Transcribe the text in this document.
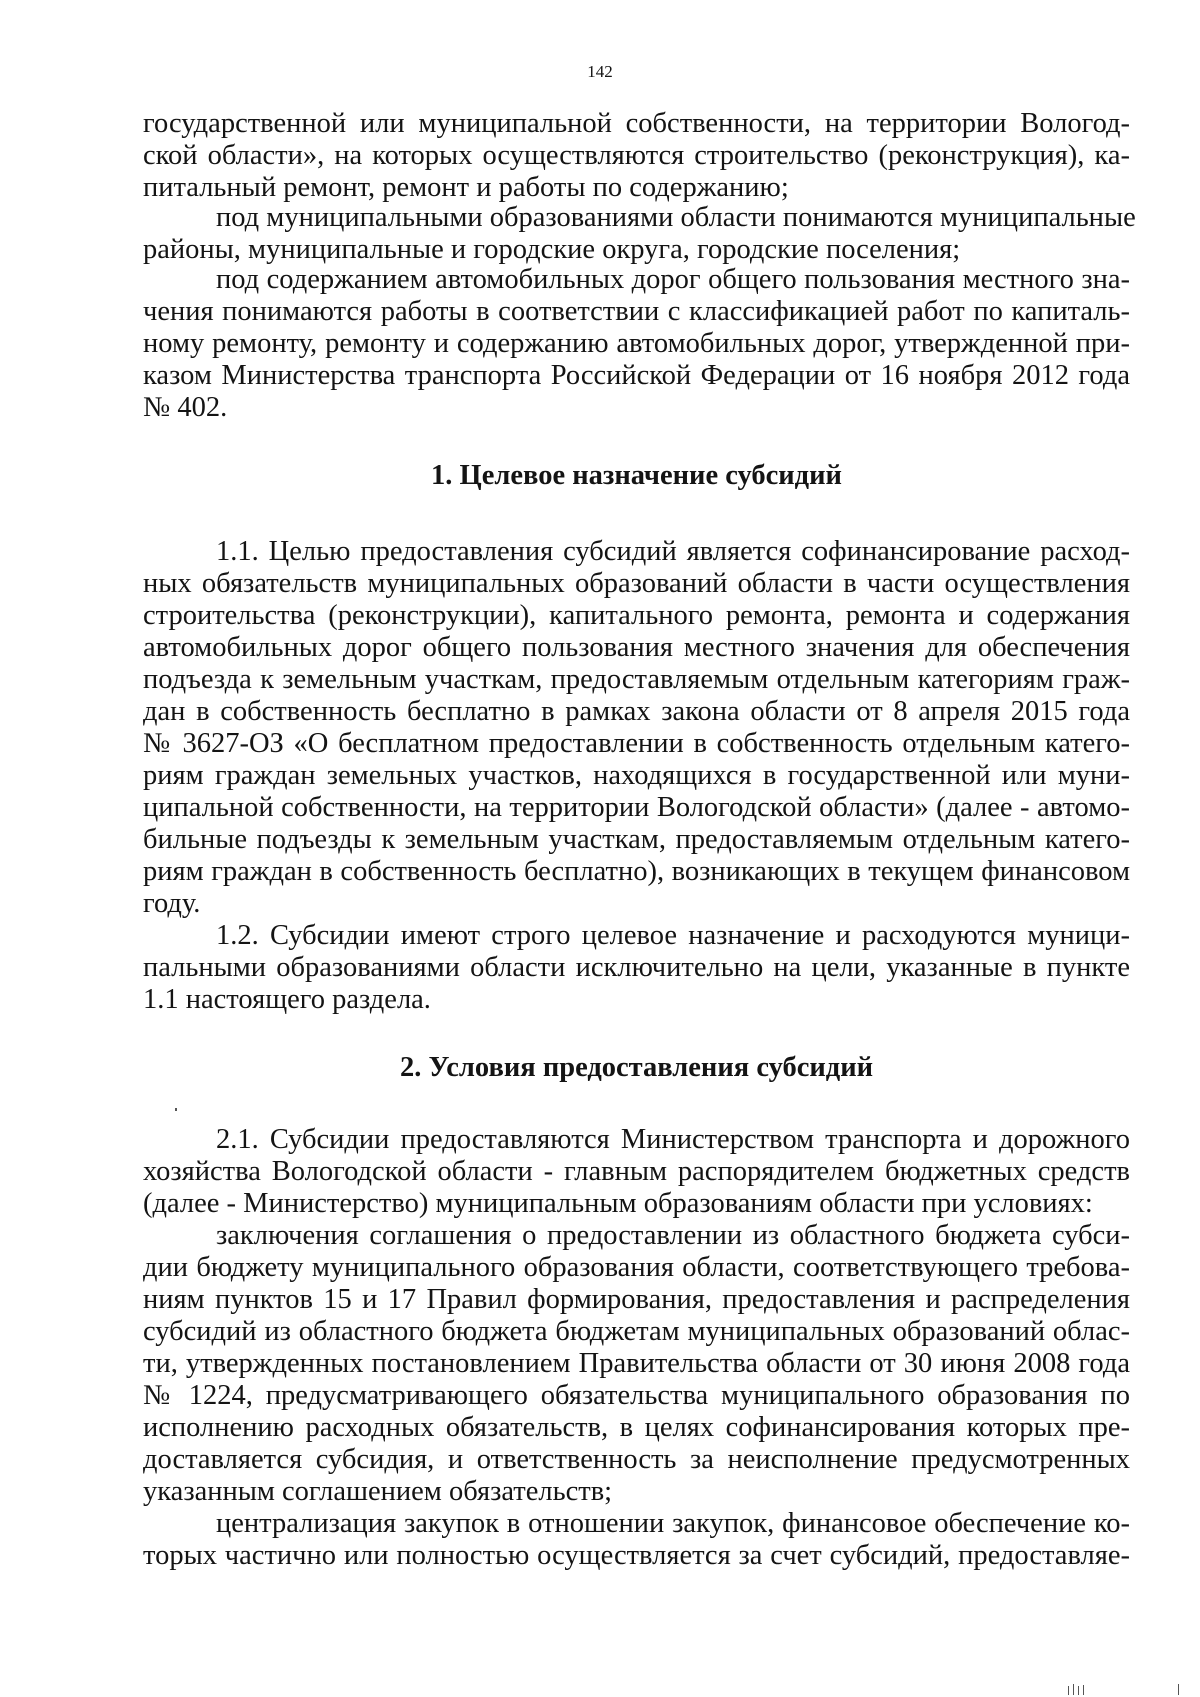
142
государственной или муниципальной собственности, на территории Вологод-
ской области», на которых осуществляются строительство (реконструкция), ка-
питальный ремонт, ремонт и работы по содержанию;
под муниципальными образованиями области понимаются муниципальные
районы, муниципальные и городские округа, городские поселения;
под содержанием автомобильных дорог общего пользования местного зна-
чения понимаются работы в соответствии с классификацией работ по капиталь-
ному ремонту, ремонту и содержанию автомобильных дорог, утвержденной при-
казом Министерства транспорта Российской Федерации от 16 ноября 2012 года
№ 402.
1. Целевое назначение субсидий
1.1. Целью предоставления субсидий является софинансирование расход-
ных обязательств муниципальных образований области в части осуществления
строительства (реконструкции), капитального ремонта, ремонта и содержания
автомобильных дорог общего пользования местного значения для обеспечения
подъезда к земельным участкам, предоставляемым отдельным категориям граж-
дан в собственность бесплатно в рамках закона области от 8 апреля 2015 года
№ 3627-ОЗ «О бесплатном предоставлении в собственность отдельным катего-
риям граждан земельных участков, находящихся в государственной или муни-
ципальной собственности, на территории Вологодской области» (далее - автомо-
бильные подъезды к земельным участкам, предоставляемым отдельным катего-
риям граждан в собственность бесплатно), возникающих в текущем финансовом
году.
1.2. Субсидии имеют строго целевое назначение и расходуются муници-
пальными образованиями области исключительно на цели, указанные в пункте
1.1 настоящего раздела.
2. Условия предоставления субсидий
2.1. Субсидии предоставляются Министерством транспорта и дорожного
хозяйства Вологодской области - главным распорядителем бюджетных средств
(далее - Министерство) муниципальным образованиям области при условиях:
заключения соглашения о предоставлении из областного бюджета субси-
дии бюджету муниципального образования области, соответствующего требова-
ниям пунктов 15 и 17 Правил формирования, предоставления и распределения
субсидий из областного бюджета бюджетам муниципальных образований облас-
ти, утвержденных постановлением Правительства области от 30 июня 2008 года
№ 1224, предусматривающего обязательства муниципального образования по
исполнению расходных обязательств, в целях софинансирования которых пре-
доставляется субсидия, и ответственность за неисполнение предусмотренных
указанным соглашением обязательств;
централизация закупок в отношении закупок, финансовое обеспечение ко-
торых частично или полностью осуществляется за счет субсидий, предоставляе-
